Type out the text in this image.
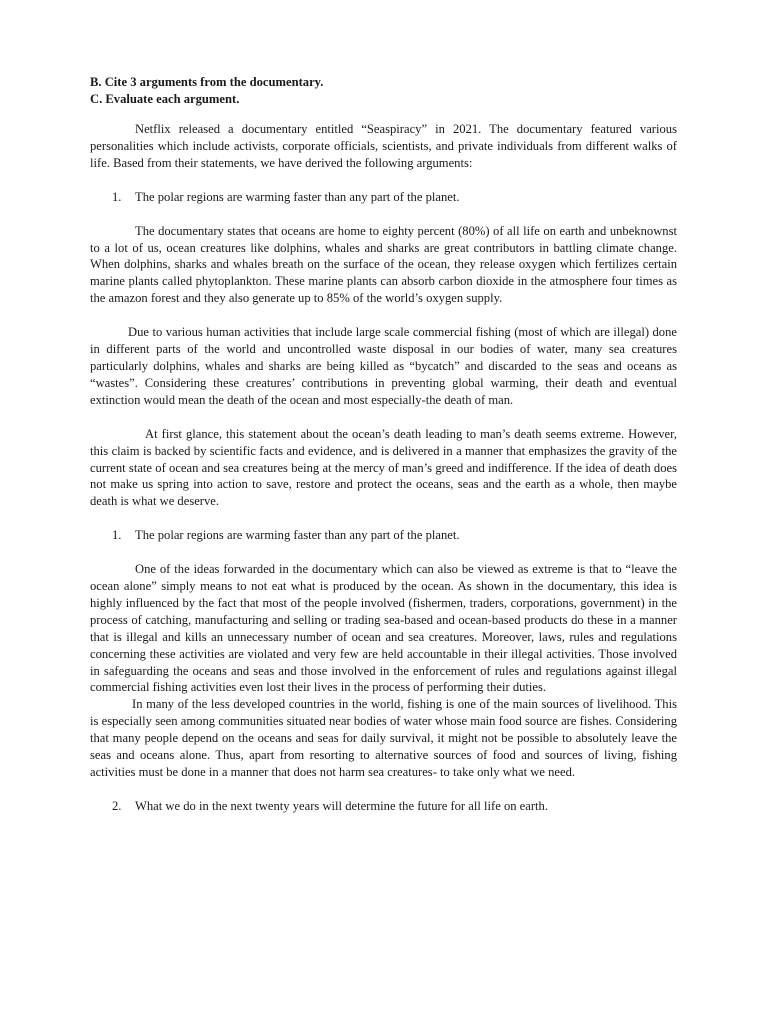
B. Cite 3 arguments from the documentary.

C. Evaluate each argument.

Netflix released a documentary entitled “Seaspiracy” in 2021. The documentary featured various personalities which include activists, corporate officials, scientists, and private individuals from different walks of life. Based from their statements, we have derived the following arguments:

1.	The polar regions are warming faster than any part of the planet.

The documentary states that oceans are home to eighty percent (80%) of all life on earth and unbeknownst to a lot of us, ocean creatures like dolphins, whales and sharks are great contributors in battling climate change. When dolphins, sharks and whales breath on the surface of the ocean, they release oxygen which fertilizes certain marine plants called phytoplankton. These marine plants can absorb carbon dioxide in the atmosphere four times as the amazon forest and they also generate up to 85% of the world’s oxygen supply.

Due to various human activities that include large scale commercial fishing (most of which are illegal) done in different parts of the world and uncontrolled waste disposal in our bodies of water, many sea creatures particularly dolphins, whales and sharks are being killed as “bycatch” and discarded to the seas and oceans as “wastes”. Considering these creatures’ contributions in preventing global warming, their death and eventual extinction would mean the death of the ocean and most especially-the death of man.

At first glance, this statement about the ocean’s death leading to man’s death seems extreme. However, this claim is backed by scientific facts and evidence, and is delivered in a manner that emphasizes the gravity of the current state of ocean and sea creatures being at the mercy of man’s greed and indifference. If the idea of death does not make us spring into action to save, restore and protect the oceans, seas and the earth as a whole, then maybe death is what we deserve.

1.	The polar regions are warming faster than any part of the planet.

One of the ideas forwarded in the documentary which can also be viewed as extreme is that to “leave the ocean alone” simply means to not eat what is produced by the ocean. As shown in the documentary, this idea is highly influenced by the fact that most of the people involved (fishermen, traders, corporations, government) in the process of catching, manufacturing and selling or trading sea-based and ocean-based products do these in a manner that is illegal and kills an unnecessary number of ocean and sea creatures. Moreover, laws, rules and regulations concerning these activities are violated and very few are held accountable in their illegal activities. Those involved in safeguarding the oceans and seas and those involved in the enforcement of rules and regulations against illegal commercial fishing activities even lost their lives in the process of performing their duties.

In many of the less developed countries in the world, fishing is one of the main sources of livelihood. This is especially seen among communities situated near bodies of water whose main food source are fishes. Considering that many people depend on the oceans and seas for daily survival, it might not be possible to absolutely leave the seas and oceans alone. Thus, apart from resorting to alternative sources of food and sources of living, fishing activities must be done in a manner that does not harm sea creatures- to take only what we need.

2.	What we do in the next twenty years will determine the future for all life on earth.
